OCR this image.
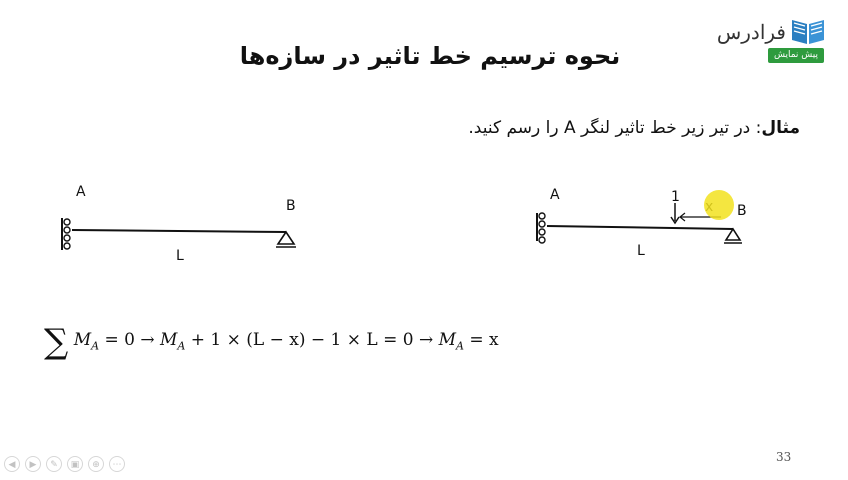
نحوه ترسیم خط تاثیر در سازه‌ها
فرادرس
پیش نمایش
مثال: در تیر زیر خط تاثیر لنگر A را رسم کنید.
A
B
L
A
B
L
1
∑ $M_A = 0 \to M_A + 1 \times (L - x) - 1 \times L = 0 \to M_A = x$
33
◀	▶	✎	▣	⊕	⋯
